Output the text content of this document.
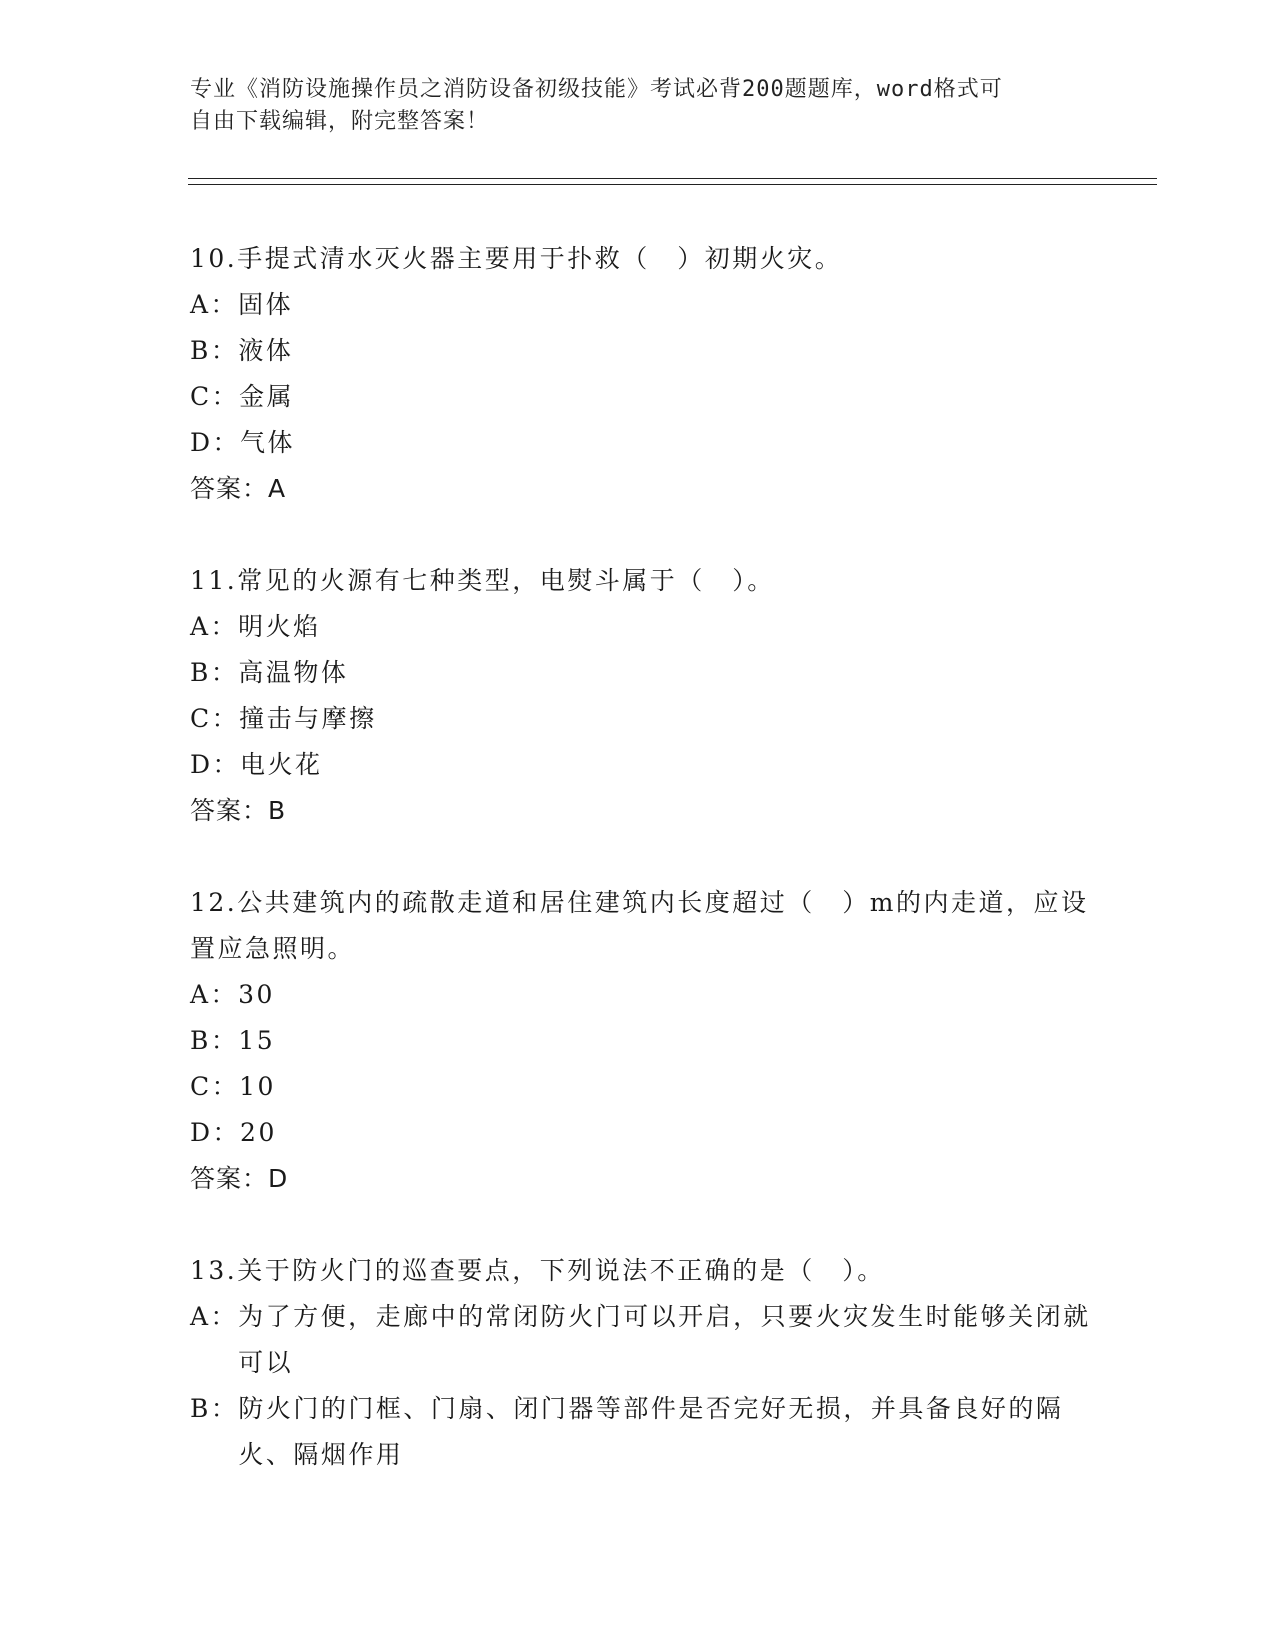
专业《消防设施操作员之消防设备初级技能》考试必背200题题库，word格式可

自由下载编辑，附完整答案！

10.手提式清水灭火器主要用于扑救（　）初期火灾。

A： 固体
B： 液体
C： 金属
D： 气体

答案：A

11.常见的火源有七种类型，电熨斗属于（　）。

A： 明火焰
B： 高温物体
C： 撞击与摩擦
D： 电火花

答案：B

12.公共建筑内的疏散走道和居住建筑内长度超过（　）m的内走道，应设置应急照明。

A： 30
B： 15
C： 10
D： 20

答案：D

13.关于防火门的巡查要点，下列说法不正确的是（　）。

A： 为了方便，走廊中的常闭防火门可以开启，只要火灾发生时能够关闭就可以
B： 防火门的门框、门扇、闭门器等部件是否完好无损，并具备良好的隔火、隔烟作用
